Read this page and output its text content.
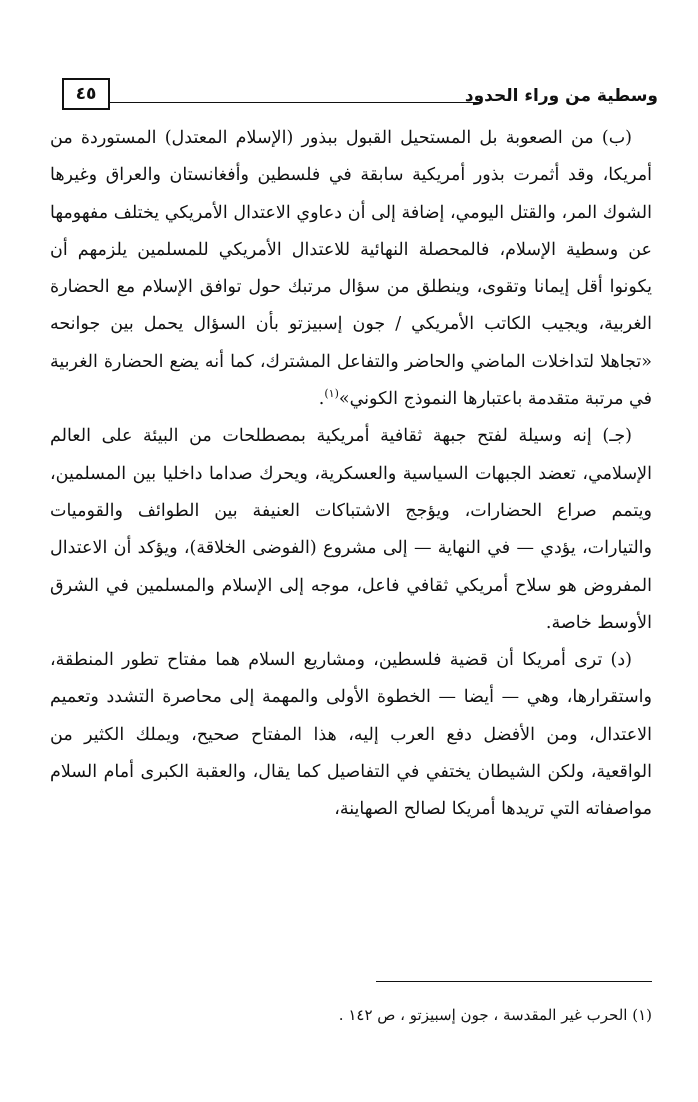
وسطية من وراء الحدود
٤٥

(ب) من الصعوبة بل المستحيل القبول ببذور (الإسلام المعتدل) المستوردة من أمريكا، وقد أثمرت بذور أمريكية سابقة في فلسطين وأفغانستان والعراق وغيرها الشوك المر، والقتل اليومي، إضافة إلى أن دعاوي الاعتدال الأمريكي يختلف مفهومها عن وسطية الإسلام، فالمحصلة النهائية للاعتدال الأمريكي للمسلمين يلزمهم أن يكونوا أقل إيمانا وتقوى، وينطلق من سؤال مرتبك حول توافق الإسلام مع الحضارة الغربية، ويجيب الكاتب الأمريكي / جون إسبيزتو بأن السؤال يحمل بين جوانحه «تجاهلا لتداخلات الماضي والحاضر والتفاعل المشترك، كما أنه يضع الحضارة الغربية في مرتبة متقدمة باعتبارها النموذج الكوني»$^{(١)}$.

(جـ) إنه وسيلة لفتح جبهة ثقافية أمريكية بمصطلحات من البيئة على العالم الإسلامي، تعضد الجبهات السياسية والعسكرية، ويحرك صداما داخليا بين المسلمين، ويتمم صراع الحضارات، ويؤجج الاشتباكات العنيفة بين الطوائف والقوميات والتيارات، يؤدي — في النهاية — إلى مشروع (الفوضى الخلاقة)، ويؤكد أن الاعتدال المفروض هو سلاح أمريكي ثقافي فاعل، موجه إلى الإسلام والمسلمين في الشرق الأوسط خاصة.

(د) ترى أمريكا أن قضية فلسطين، ومشاريع السلام هما مفتاح تطور المنطقة، واستقرارها، وهي — أيضا — الخطوة الأولى والمهمة إلى محاصرة التشدد وتعميم الاعتدال، ومن الأفضل دفع العرب إليه، هذا المفتاح صحيح، ويملك الكثير من الواقعية، ولكن الشيطان يختفي في التفاصيل كما يقال، والعقبة الكبرى أمام السلام مواصفاته التي تريدها أمريكا لصالح الصهاينة،

(١) الحرب غير المقدسة ، جون إسبيزتو ، ص ١٤٢ .
